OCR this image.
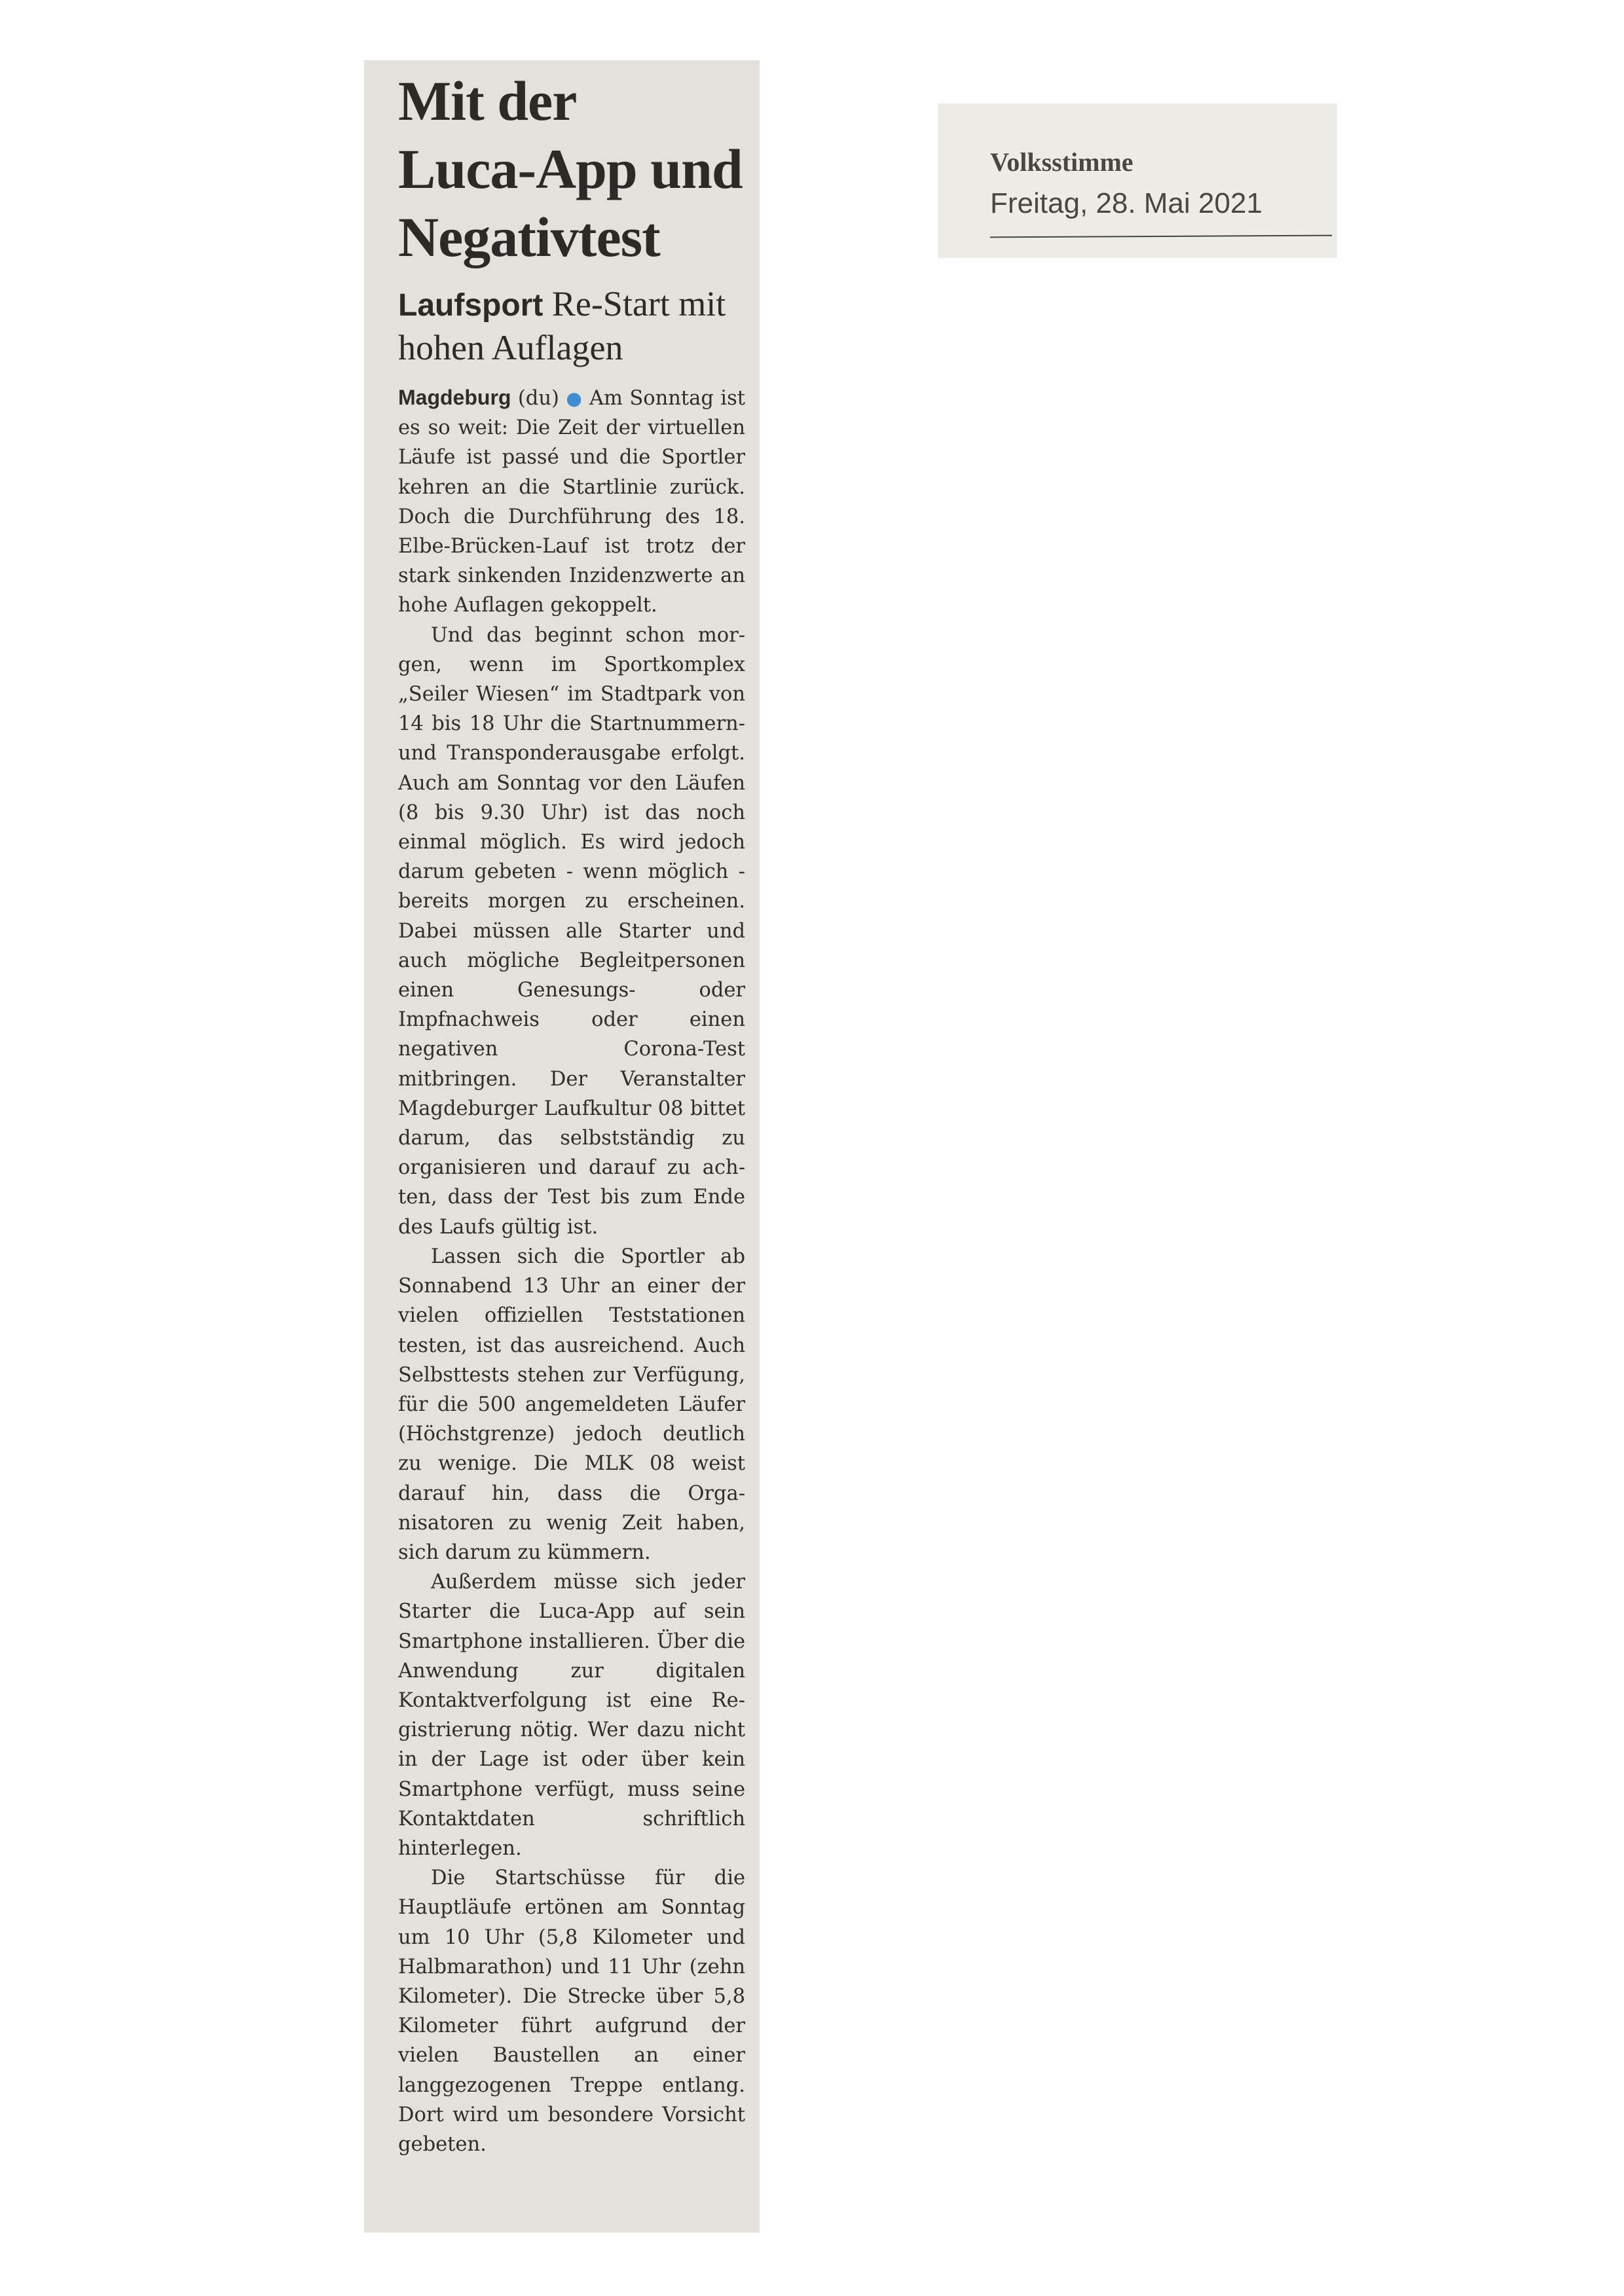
Mit der
Luca-App und
Negativtest

Laufsport Re-Start mit hohen Auflagen

Magdeburg (du) ● Am Sonntag ist es so weit: Die Zeit der virtuellen Läufe ist passé und die Sportler kehren an die Startlinie zurück. Doch die Durchführung des 18. Elbe-Brücken-Lauf ist trotz der stark sinkenden Inzidenzwerte an hohe Auflagen gekoppelt.

Und das beginnt schon morgen, wenn im Sportkomplex „Seiler Wiesen“ im Stadtpark von 14 bis 18 Uhr die Startnummern- und Transponderausgabe erfolgt. Auch am Sonntag vor den Läufen (8 bis 9.30 Uhr) ist das noch einmal möglich. Es wird jedoch darum gebeten - wenn möglich - bereits morgen zu erscheinen. Dabei müssen alle Starter und auch mögliche Begleitpersonen einen Genesungs- oder Impfnachweis oder einen negativen Corona-Test mitbringen. Der Veranstalter Magdeburger Laufkultur 08 bittet darum, das selbstständig zu organisieren und darauf zu achten, dass der Test bis zum Ende des Laufs gültig ist.

Lassen sich die Sportler ab Sonnabend 13 Uhr an einer der vielen offiziellen Teststationen testen, ist das ausreichend. Auch Selbsttests stehen zur Verfügung, für die 500 angemeldeten Läufer (Höchstgrenze) jedoch deutlich zu wenige. Die MLK 08 weist darauf hin, dass die Organisatoren zu wenig Zeit haben, sich darum zu kümmern.

Außerdem müsse sich jeder Starter die Luca-App auf sein Smartphone installieren. Über die Anwendung zur digitalen Kontaktverfolgung ist eine Registrierung nötig. Wer dazu nicht in der Lage ist oder über kein Smartphone verfügt, muss seine Kontaktdaten schriftlich hinterlegen.

Die Startschüsse für die Hauptläufe ertönen am Sonntag um 10 Uhr (5,8 Kilometer und Halbmarathon) und 11 Uhr (zehn Kilometer). Die Strecke über 5,8 Kilometer führt aufgrund der vielen Baustellen an einer langgezogenen Treppe entlang. Dort wird um besondere Vorsicht gebeten.

Volksstimme
Freitag, 28. Mai 2021
